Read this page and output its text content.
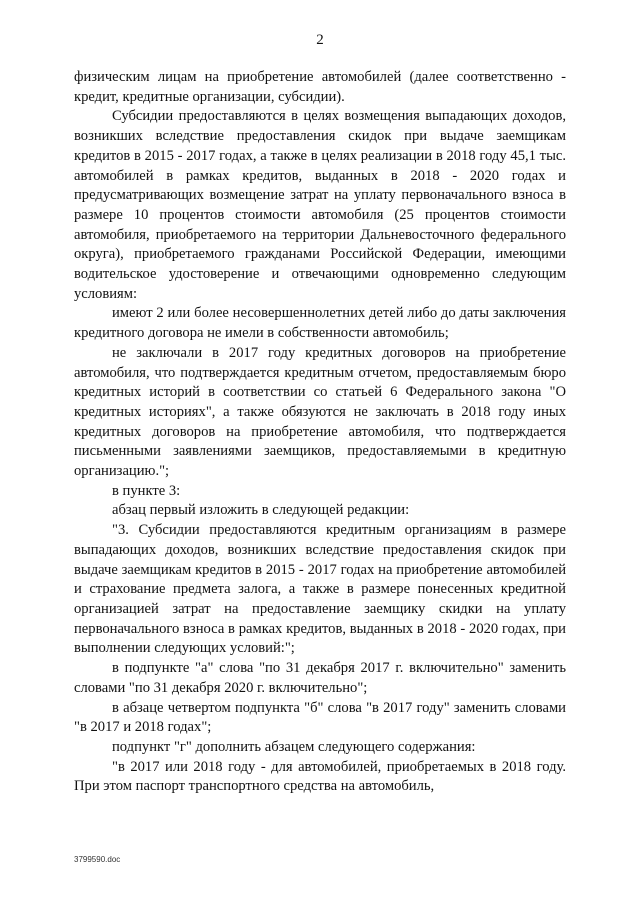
2

физическим лицам на приобретение автомобилей (далее соответственно - кредит, кредитные организации, субсидии).

Субсидии предоставляются в целях возмещения выпадающих доходов, возникших вследствие предоставления скидок при выдаче заемщикам кредитов в 2015 - 2017 годах, а также в целях реализации в 2018 году 45,1 тыс. автомобилей в рамках кредитов, выданных в 2018 - 2020 годах и предусматривающих возмещение затрат на уплату первоначального взноса в размере 10 процентов стоимости автомобиля (25 процентов стоимости автомобиля, приобретаемого на территории Дальневосточного федерального округа), приобретаемого гражданами Российской Федерации, имеющими водительское удостоверение и отвечающими одновременно следующим условиям:

имеют 2 или более несовершеннолетних детей либо до даты заключения кредитного договора не имели в собственности автомобиль;

не заключали в 2017 году кредитных договоров на приобретение автомобиля, что подтверждается кредитным отчетом, предоставляемым бюро кредитных историй в соответствии со статьей 6 Федерального закона "О кредитных историях", а также обязуются не заключать в 2018 году иных кредитных договоров на приобретение автомобиля, что подтверждается письменными заявлениями заемщиков, предоставляемыми в кредитную организацию.";

в пункте 3:

абзац первый изложить в следующей редакции:

"3. Субсидии предоставляются кредитным организациям в размере выпадающих доходов, возникших вследствие предоставления скидок при выдаче заемщикам кредитов в 2015 - 2017 годах на приобретение автомобилей и страхование предмета залога, а также в размере понесенных кредитной организацией затрат на предоставление заемщику скидки на уплату первоначального взноса в рамках кредитов, выданных в 2018 - 2020 годах, при выполнении следующих условий:";

в подпункте "а" слова "по 31 декабря 2017 г. включительно" заменить словами "по 31 декабря 2020 г. включительно";

в абзаце четвертом подпункта "б" слова "в 2017 году" заменить словами "в 2017 и 2018 годах";

подпункт "г" дополнить абзацем следующего содержания:

"в 2017 или 2018 году - для автомобилей, приобретаемых в 2018 году. При этом паспорт транспортного средства на автомобиль,

3799590.doc
